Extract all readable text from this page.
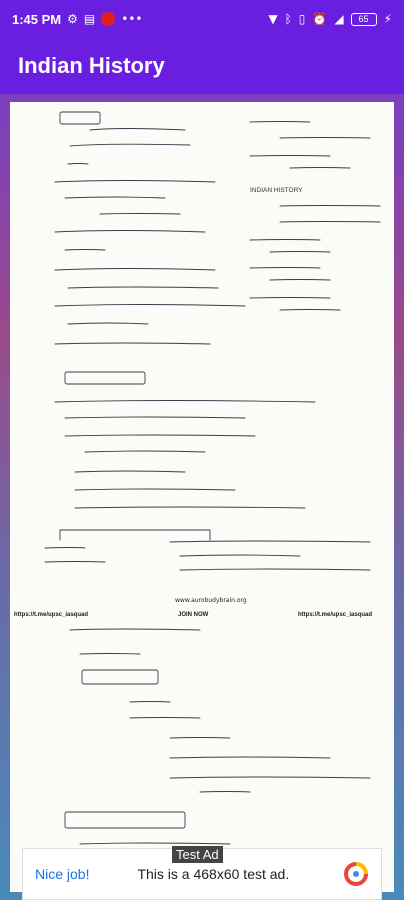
1:45 PM ⚙ ▤ •••	▼ ᛒ ▯ ⏰ ◢	65	⚡
Indian History
INDIAN HISTORY
www.aurobudybrain.org
https://t.me/upsc_iasquad	JOIN NOW	https://t.me/upsc_iasquad
Test Ad
Nice job!	This is a 468x60 test ad.
